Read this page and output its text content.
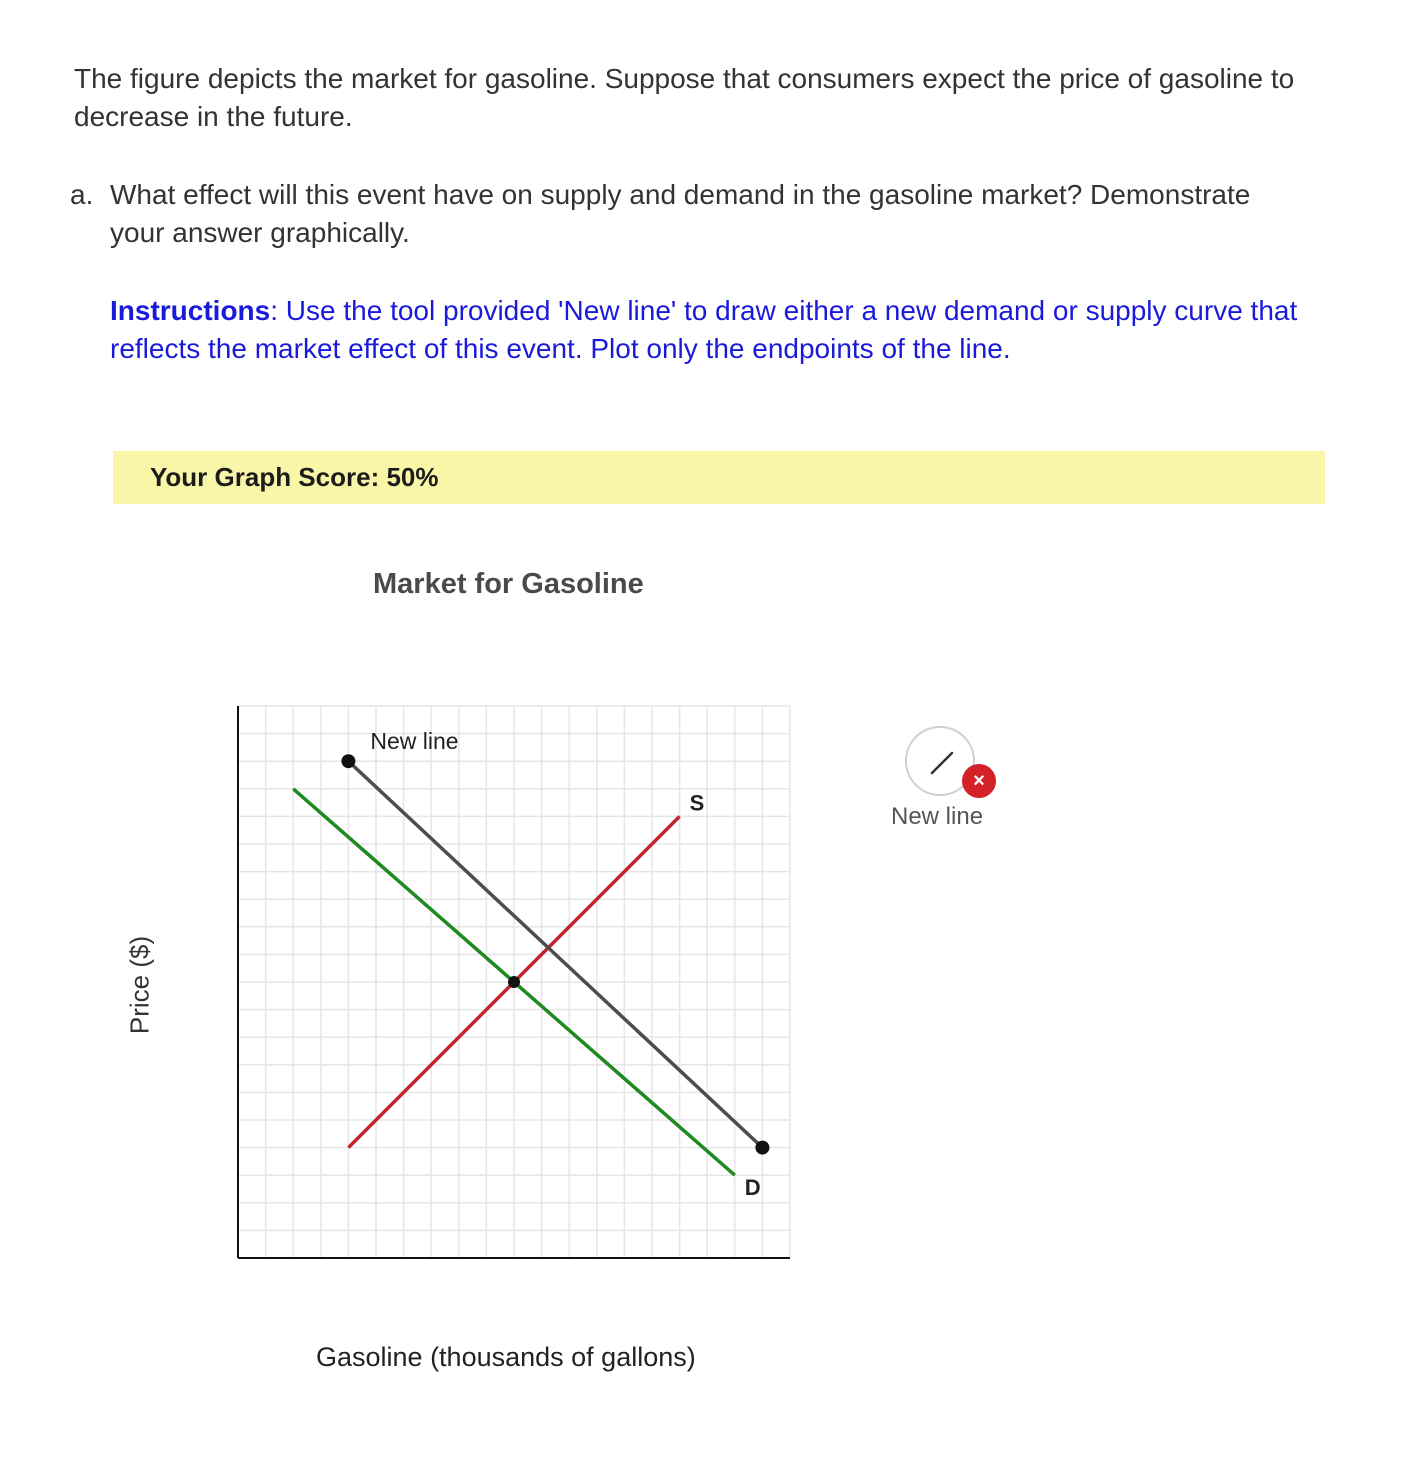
The figure depicts the market for gasoline. Suppose that consumers expect the price of gasoline to decrease in the future.

a. What effect will this event have on supply and demand in the gasoline market? Demonstrate your answer graphically.
Instructions: Use the tool provided 'New line' to draw either a new demand or supply curve that reflects the market effect of this event. Plot only the endpoints of the line.
Your Graph Score: 50%
Market for Gasoline
Price ($)
Gasoline (thousands of gallons)
D
S
New line
×
New line
